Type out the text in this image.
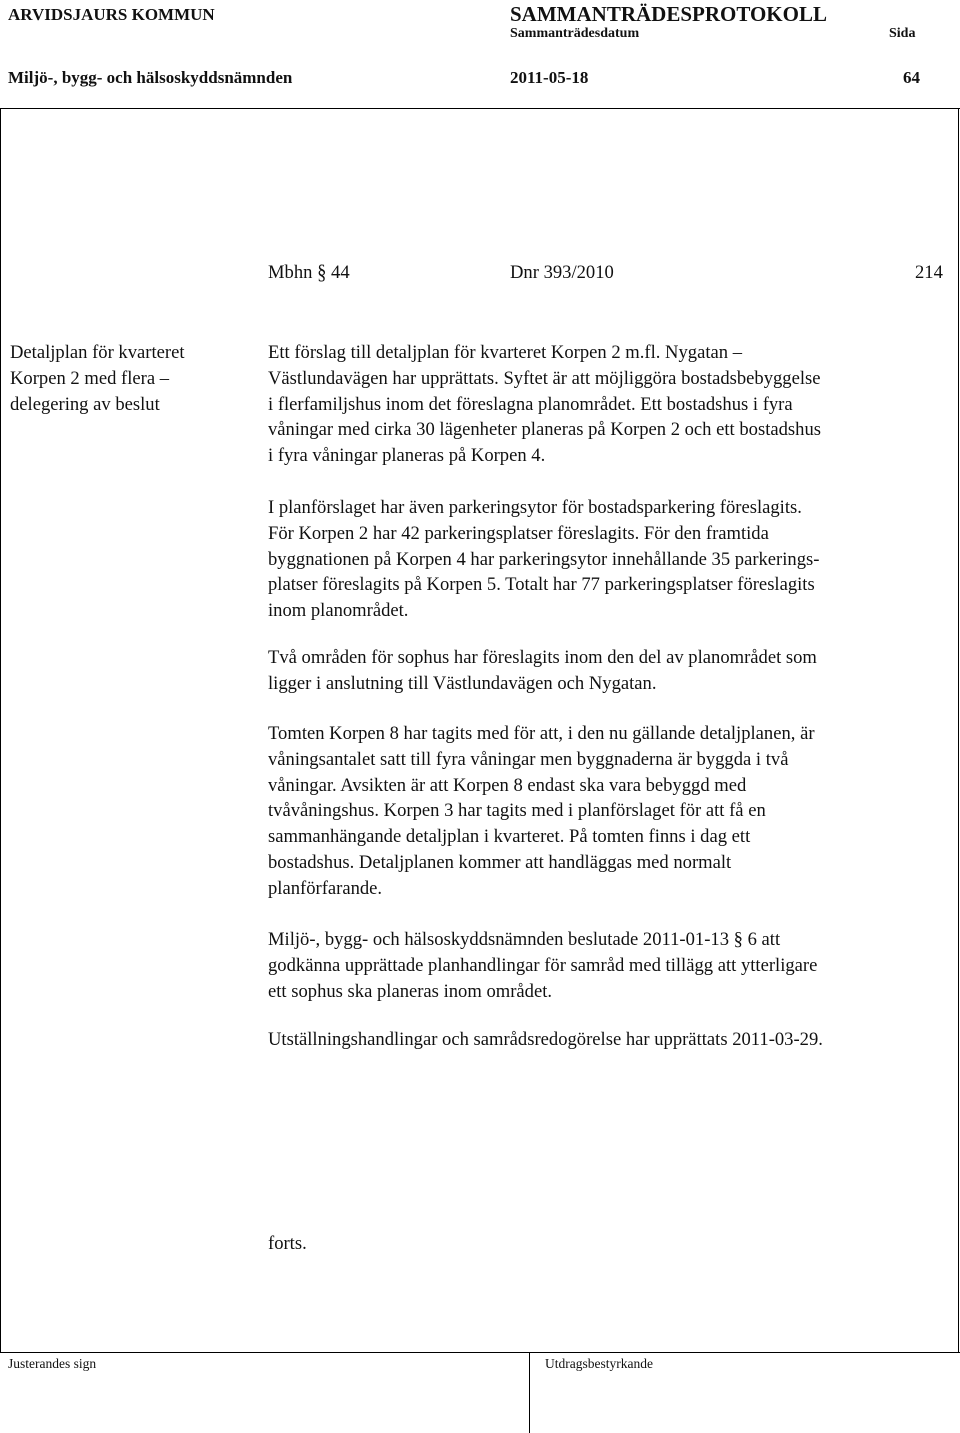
ARVIDSJAURS KOMMUN	SAMMANTRÄDESPROTOKOLL
Sammanträdesdatum	Sida
Miljö-, bygg- och hälsoskyddsnämnden	2011-05-18	64
Mbhn § 44	Dnr 393/2010	214
Detaljplan för kvarteret
Korpen 2 med flera –
delegering av beslut
Ett förslag till detaljplan för kvarteret Korpen 2 m.fl. Nygatan –
Västlundavägen har upprättats. Syftet är att möjliggöra bostadsbebyggelse
i flerfamiljshus inom det föreslagna planområdet. Ett bostadshus i fyra
våningar med cirka 30 lägenheter planeras på Korpen 2 och ett bostadshus
i fyra våningar planeras på Korpen 4.
I planförslaget har även parkeringsytor för bostadsparkering föreslagits.
För Korpen 2 har 42 parkeringsplatser föreslagits. För den framtida
byggnationen på Korpen 4 har parkeringsytor innehållande 35 parkerings-
platser föreslagits på Korpen 5. Totalt har 77 parkeringsplatser föreslagits
inom planområdet.
Två områden för sophus har föreslagits inom den del av planområdet som
ligger i anslutning till Västlundavägen och Nygatan.
Tomten Korpen 8 har tagits med för att, i den nu gällande detaljplanen, är
våningsantalet satt till fyra våningar men byggnaderna är byggda i två
våningar. Avsikten är att Korpen 8 endast ska vara bebyggd med
tvåvåningshus. Korpen 3 har tagits med i planförslaget för att få en
sammanhängande detaljplan i kvarteret. På tomten finns i dag ett
bostadshus. Detaljplanen kommer att handläggas med normalt
planförfarande.
Miljö-, bygg- och hälsoskyddsnämnden beslutade 2011-01-13 § 6 att
godkänna upprättade planhandlingar för samråd med tillägg att ytterligare
ett sophus ska planeras inom området.
Utställningshandlingar och samrådsredogörelse har upprättats 2011-03-29.
forts.
Justerandes sign	Utdragsbestyrkande
